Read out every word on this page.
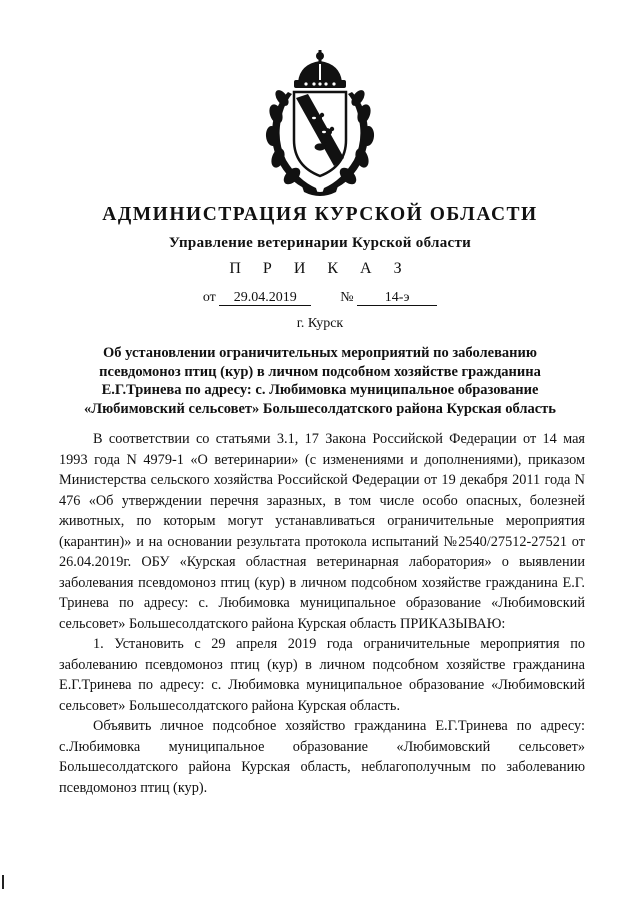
АДМИНИСТРАЦИЯ КУРСКОЙ ОБЛАСТИ
Управление ветеринарии Курской области
П Р И К А З
от 29.04.2019	№ 14-э
г. Курск
Об установлении ограничительных мероприятий по заболеванию псевдомоноз птиц (кур) в личном подсобном хозяйстве гражданина Е.Г.Тринева по адресу: с. Любимовка муниципальное образование «Любимовский сельсовет» Большесолдатского района Курская область

В соответствии со статьями 3.1, 17 Закона Российской Федерации от 14 мая 1993 года N 4979-1 «О ветеринарии» (с изменениями и дополнениями), приказом Министерства сельского хозяйства Российской Федерации от 19 декабря 2011 года N 476 «Об утверждении перечня заразных, в том числе особо опасных, болезней животных, по которым могут устанавливаться ограничительные мероприятия (карантин)» и на основании результата протокола испытаний №2540/27512-27521 от 26.04.2019г. ОБУ «Курская областная ветеринарная лаборатория» о выявлении заболевания псевдомоноз птиц (кур) в личном подсобном хозяйстве гражданина Е.Г. Тринева по адресу: с. Любимовка муниципальное образование «Любимовский сельсовет» Большесолдатского района Курская область ПРИКАЗЫВАЮ:

1. Установить с 29 апреля 2019 года ограничительные мероприятия по заболеванию псевдомоноз птиц (кур) в личном подсобном хозяйстве гражданина Е.Г.Тринева по адресу: с. Любимовка муниципальное образование «Любимовский сельсовет» Большесолдатского района Курская область.

Объявить личное подсобное хозяйство гражданина Е.Г.Тринева по адресу: с.Любимовка муниципальное образование «Любимовский сельсовет» Большесолдатского района Курская область, неблагополучным по заболеванию псевдомоноз птиц (кур).
